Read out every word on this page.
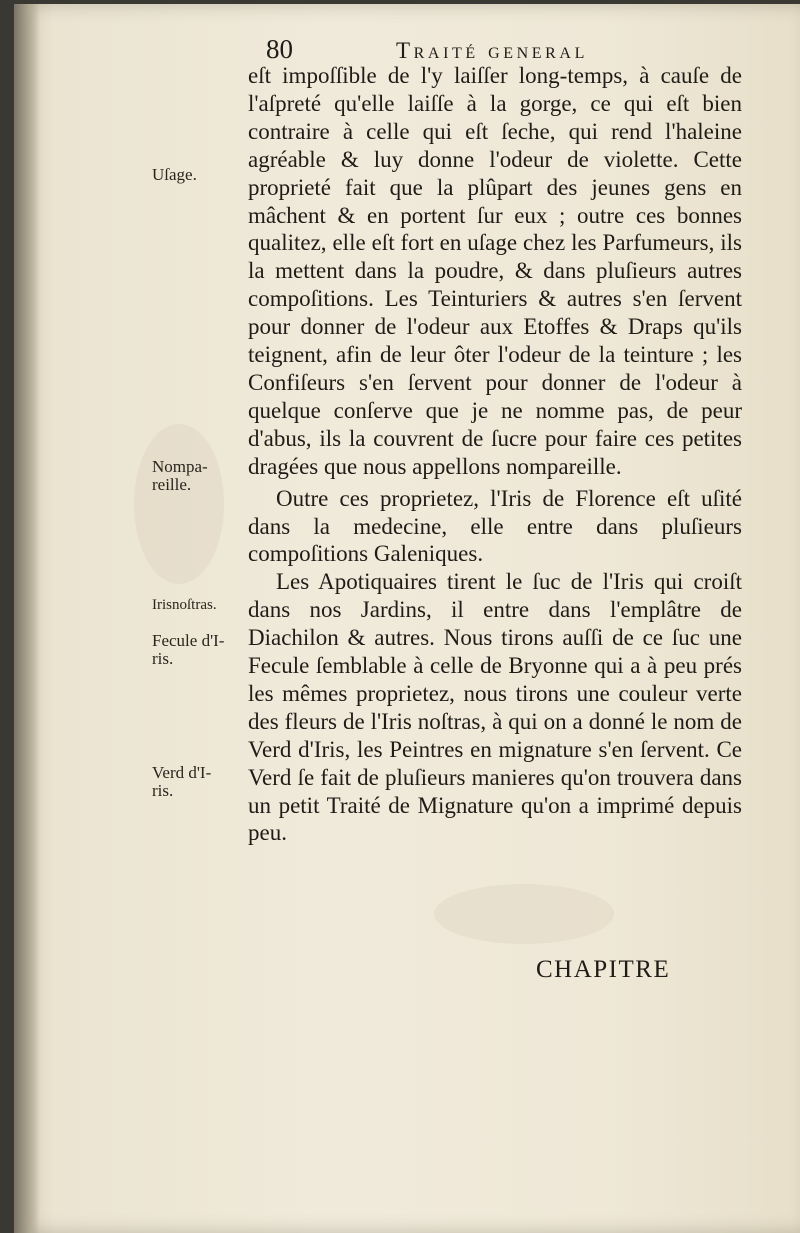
80	Traité general
Uſage.
Nompa-
reille.
Irisnoſtras.
Fecule d'I-
ris.
Verd d'I-
ris.

eſt impoſſible de l'y laiſſer long-temps, à cauſe de l'aſpreté qu'elle laiſſe à la gorge, ce qui eſt bien contraire à celle qui eſt ſeche, qui rend l'haleine agréable & luy donne l'odeur de violette. Cette proprieté fait que la plûpart des jeunes gens en mâchent & en portent ſur eux ; outre ces bonnes qualitez, elle eſt fort en uſage chez les Parfumeurs, ils la mettent dans la poudre, & dans pluſieurs autres compoſitions. Les Teinturiers & autres s'en ſervent pour donner de l'odeur aux Etoffes & Draps qu'ils teignent, afin de leur ôter l'odeur de la teinture ; les Confiſeurs s'en ſervent pour donner de l'odeur à quelque conſerve que je ne nomme pas, de peur d'abus, ils la couvrent de ſucre pour faire ces petites dragées que nous appellons nompareille.

Outre ces proprietez, l'Iris de Florence eſt uſité dans la medecine, elle entre dans pluſieurs compoſitions Galeniques.

Les Apotiquaires tirent le ſuc de l'Iris qui croiſt dans nos Jardins, il entre dans l'emplâtre de Diachilon & autres. Nous tirons auſſi de ce ſuc une Fecule ſemblable à celle de Bryonne qui a à peu prés les mêmes proprietez, nous tirons une couleur verte des fleurs de l'Iris noſtras, à qui on a donné le nom de Verd d'Iris, les Peintres en mignature s'en ſervent. Ce Verd ſe fait de pluſieurs manieres qu'on trouvera dans un petit Traité de Mignature qu'on a imprimé depuis peu.

CHAPITRE
